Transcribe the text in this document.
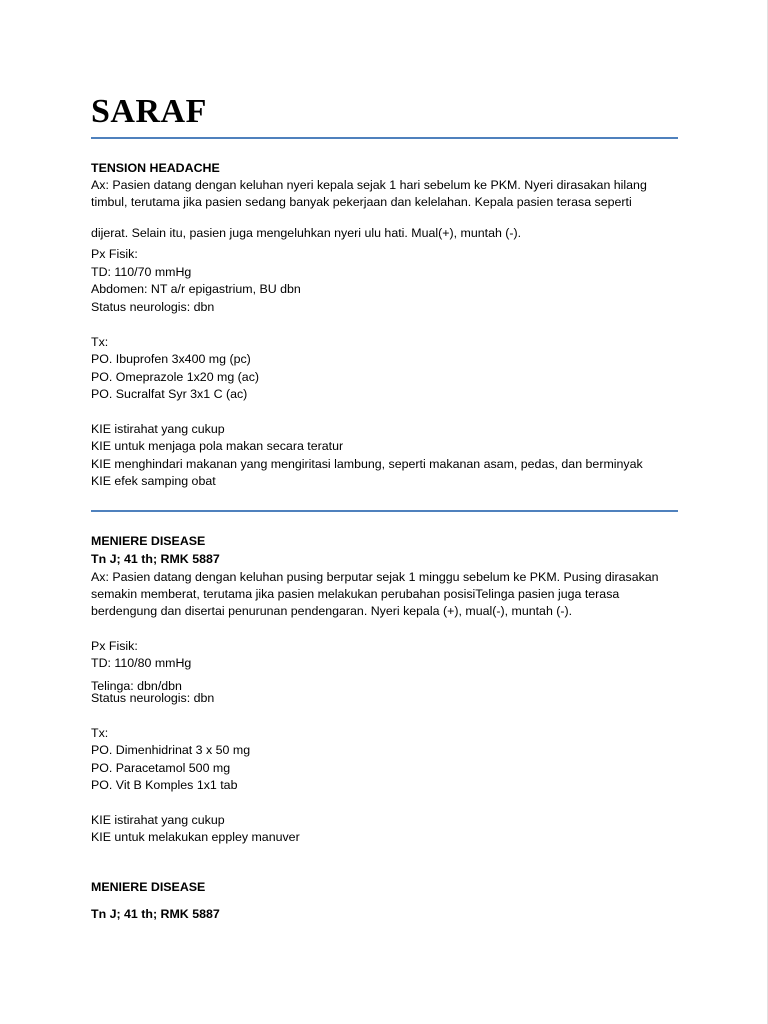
SARAF
TENSION HEADACHE
Ax: Pasien datang dengan keluhan nyeri kepala sejak 1 hari sebelum ke PKM. Nyeri dirasakan hilang
timbul, terutama jika pasien sedang banyak pekerjaan dan kelelahan. Kepala pasien terasa seperti
dijerat. Selain itu, pasien juga mengeluhkan nyeri ulu hati. Mual(+), muntah (-).
Px Fisik:
TD: 110/70 mmHg
Abdomen: NT a/r epigastrium, BU dbn
Status neurologis: dbn
Tx:
PO. Ibuprofen 3x400 mg (pc)
PO. Omeprazole 1x20 mg (ac)
PO. Sucralfat Syr 3x1 C (ac)
KIE istirahat yang cukup
KIE untuk menjaga pola makan secara teratur
KIE menghindari makanan yang mengiritasi lambung, seperti makanan asam, pedas, dan berminyak
KIE efek samping obat
MENIERE DISEASE
Tn J; 41 th; RMK 5887
Ax: Pasien datang dengan keluhan pusing berputar sejak 1 minggu sebelum ke PKM. Pusing dirasakan
semakin memberat, terutama jika pasien melakukan perubahan posisiTelinga pasien juga terasa
berdengung dan disertai penurunan pendengaran. Nyeri kepala (+), mual(-), muntah (-).
Px Fisik:
TD: 110/80 mmHg
Telinga: dbn/dbn
Status neurologis: dbn
Tx:
PO. Dimenhidrinat 3 x 50 mg
PO. Paracetamol 500 mg
PO. Vit B Komples 1x1 tab
KIE istirahat yang cukup
KIE untuk melakukan eppley manuver
MENIERE DISEASE
Tn J; 41 th; RMK 5887
